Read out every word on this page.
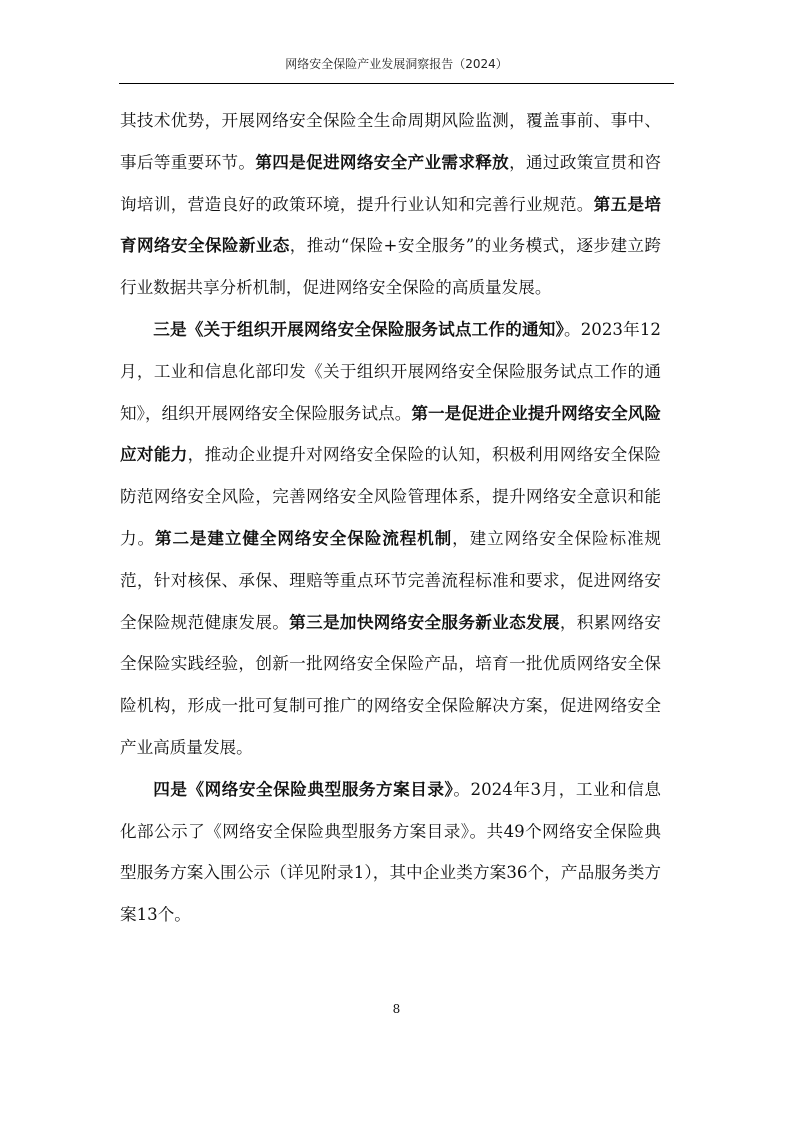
网络安全保险产业发展洞察报告（2024）

其技术优势，开展网络安全保险全生命周期风险监测，覆盖事前、事中、事后等重要环节。第四是促进网络安全产业需求释放，通过政策宣贯和咨询培训，营造良好的政策环境，提升行业认知和完善行业规范。第五是培育网络安全保险新业态，推动“保险+安全服务”的业务模式，逐步建立跨行业数据共享分析机制，促进网络安全保险的高质量发展。

三是《关于组织开展网络安全保险服务试点工作的通知》。2023年12月，工业和信息化部印发《关于组织开展网络安全保险服务试点工作的通知》，组织开展网络安全保险服务试点。第一是促进企业提升网络安全风险应对能力，推动企业提升对网络安全保险的认知，积极利用网络安全保险防范网络安全风险，完善网络安全风险管理体系，提升网络安全意识和能力。第二是建立健全网络安全保险流程机制，建立网络安全保险标准规范，针对核保、承保、理赔等重点环节完善流程标准和要求，促进网络安全保险规范健康发展。第三是加快网络安全服务新业态发展，积累网络安全保险实践经验，创新一批网络安全保险产品，培育一批优质网络安全保险机构，形成一批可复制可推广的网络安全保险解决方案，促进网络安全产业高质量发展。

四是《网络安全保险典型服务方案目录》。2024年3月，工业和信息化部公示了《网络安全保险典型服务方案目录》。共49个网络安全保险典型服务方案入围公示（详见附录1），其中企业类方案36个，产品服务类方案13个。

8
